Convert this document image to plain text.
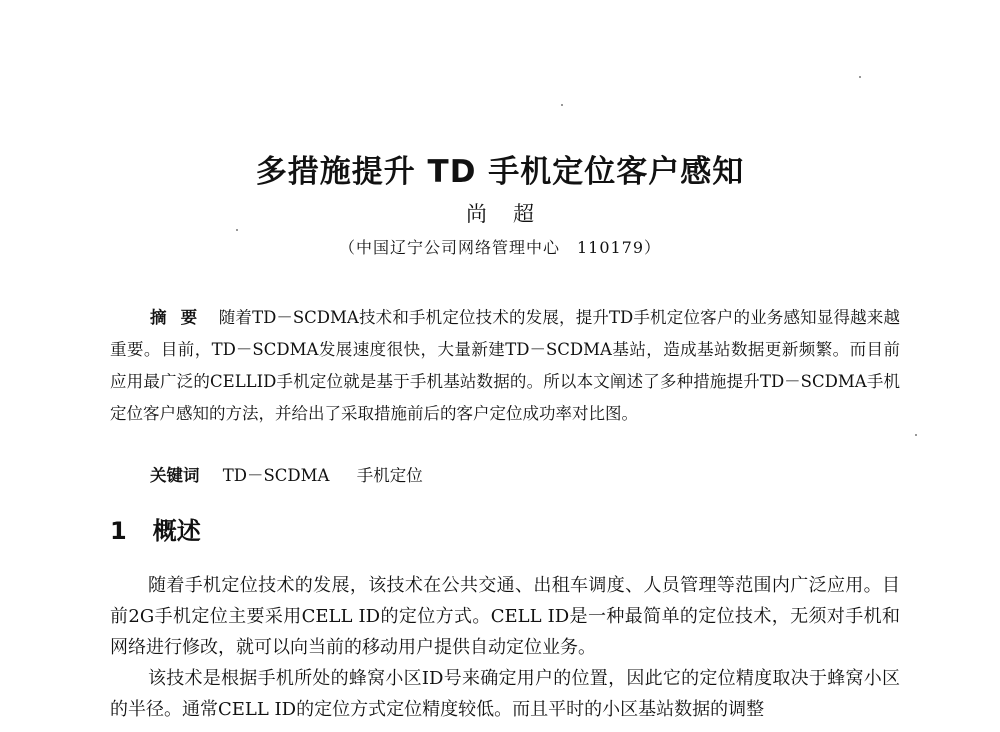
多措施提升 TD 手机定位客户感知
尚超
（中国辽宁公司网络管理中心　110179）

摘要 随着TD－SCDMA技术和手机定位技术的发展，提升TD手机定位客户的业务感知显得越来越重要。目前，TD－SCDMA发展速度很快，大量新建TD－SCDMA基站，造成基站数据更新频繁。而目前应用最广泛的CELLID手机定位就是基于手机基站数据的。所以本文阐述了多种措施提升TD－SCDMA手机定位客户感知的方法，并给出了采取措施前后的客户定位成功率对比图。

关键词 TD－SCDMA 手机定位
1 概述

随着手机定位技术的发展，该技术在公共交通、出租车调度、人员管理等范围内广泛应用。目前2G手机定位主要采用CELL ID的定位方式。CELL ID是一种最简单的定位技术，无须对手机和网络进行修改，就可以向当前的移动用户提供自动定位业务。

该技术是根据手机所处的蜂窝小区ID号来确定用户的位置，因此它的定位精度取决于蜂窝小区的半径。通常CELL ID的定位方式定位精度较低。而且平时的小区基站数据的调整
